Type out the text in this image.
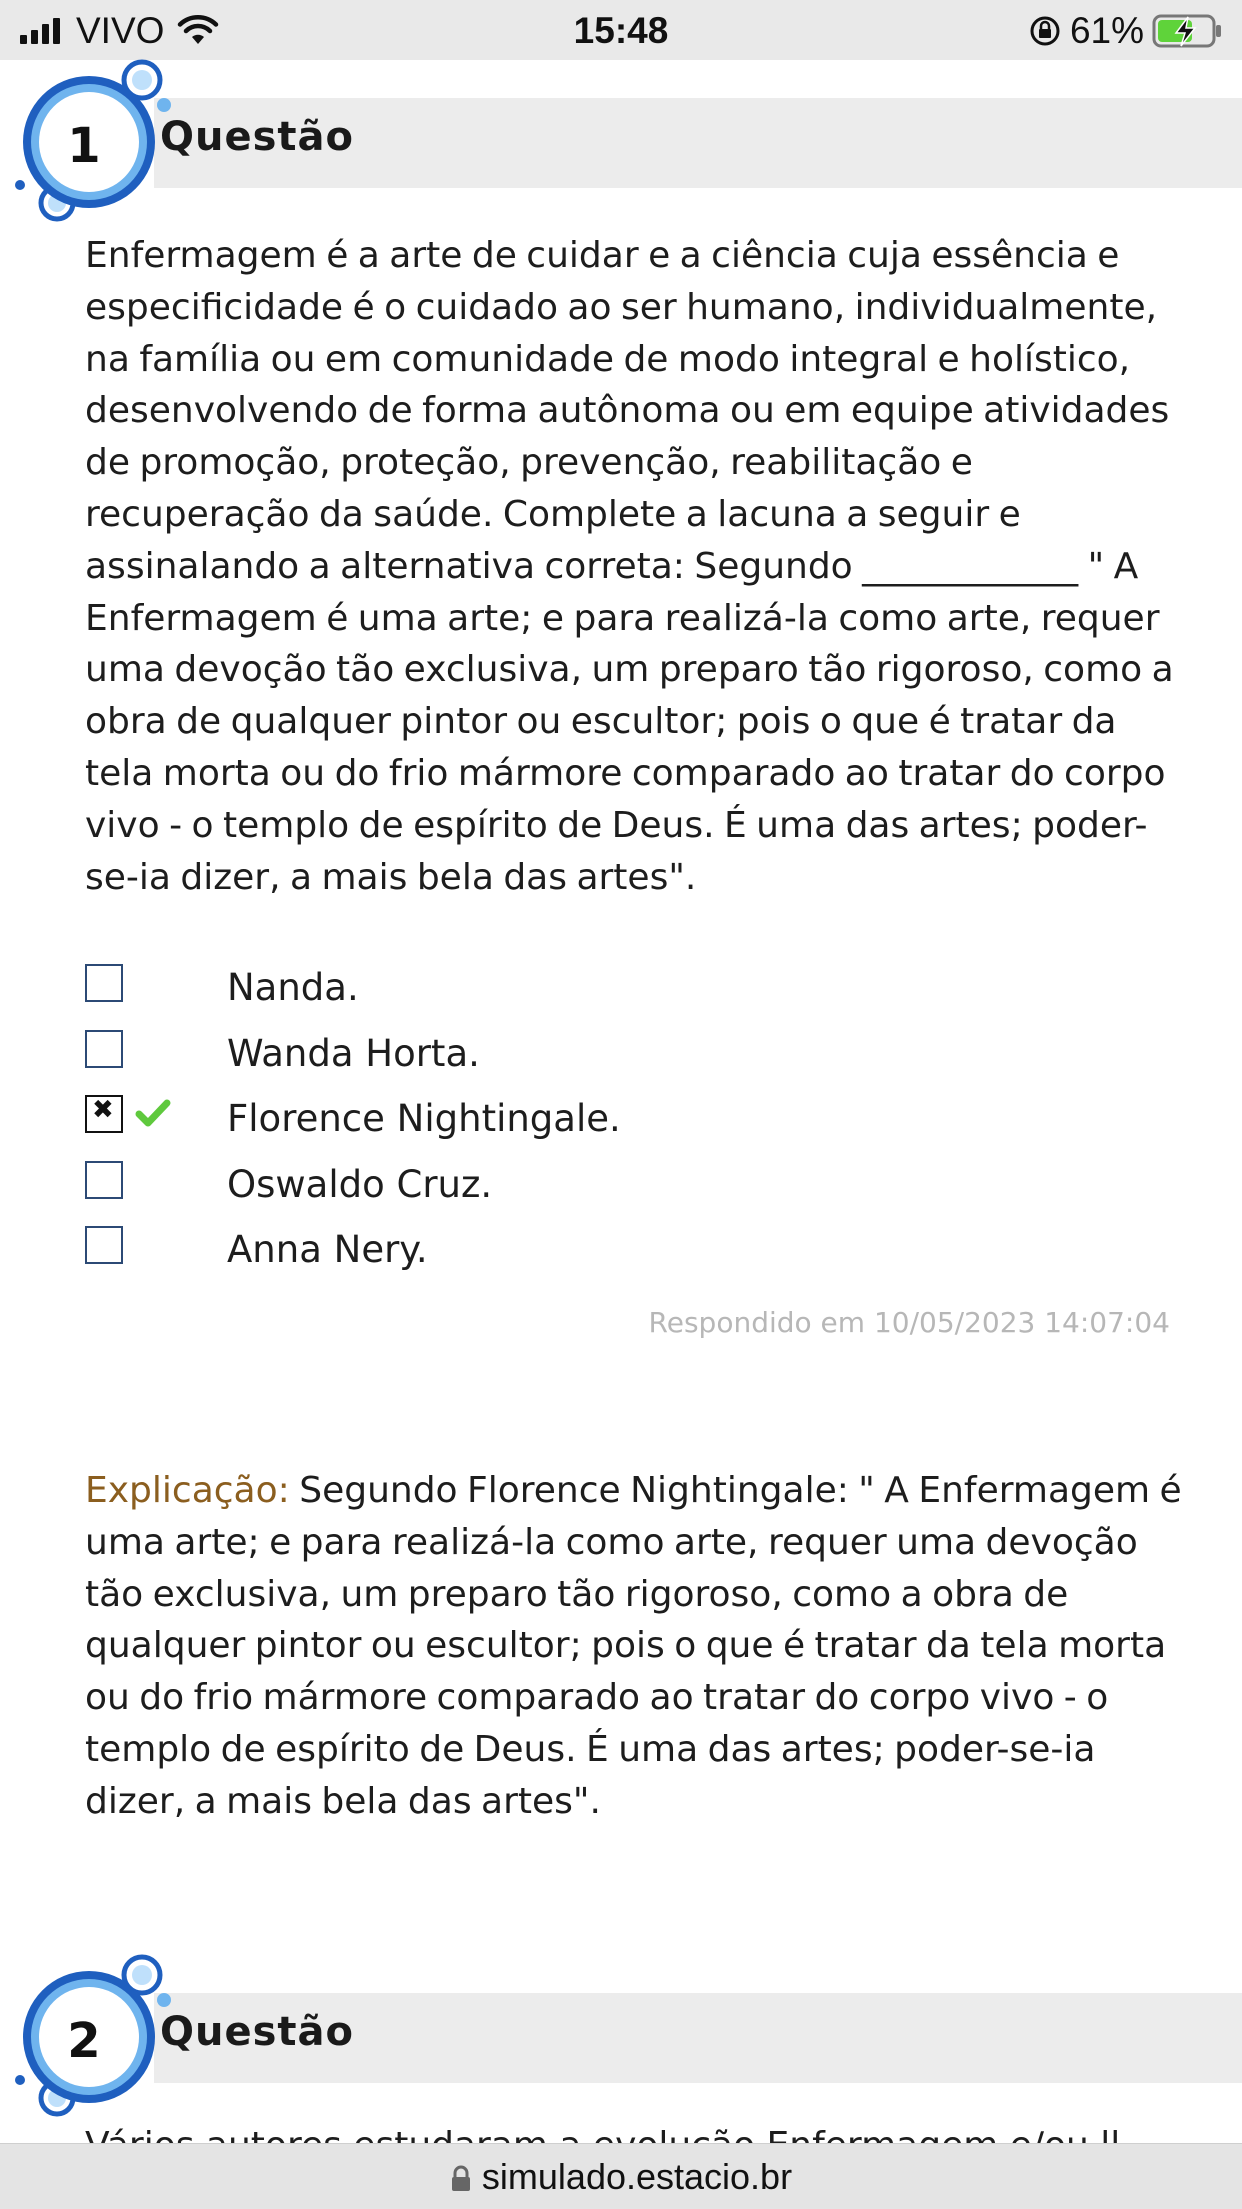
VIVO	15:48	61%
1	Questão
Enfermagem é a arte de cuidar e a ciência cuja essência e especificidade é o cuidado ao ser humano, individualmente, na família ou em comunidade de modo integral e holístico, desenvolvendo de forma autônoma ou em equipe atividades de promoção, proteção, prevenção, reabilitação e recuperação da saúde. Complete a lacuna a seguir e assinalando a alternativa correta: Segundo ____________ " A Enfermagem é uma arte; e para realizá-la como arte, requer uma devoção tão exclusiva, um preparo tão rigoroso, como a obra de qualquer pintor ou escultor; pois o que é tratar da tela morta ou do frio mármore comparado ao tratar do corpo vivo - o templo de espírito de Deus. É uma das artes; poder-se-ia dizer, a mais bela das artes".
Nanda.
Wanda Horta.
✖
Florence Nightingale.
Oswaldo Cruz.
Anna Nery.
Respondido em 10/05/2023 14:07:04
Explicação: Segundo Florence Nightingale: " A Enfermagem é uma arte; e para realizá-la como arte, requer uma devoção tão exclusiva, um preparo tão rigoroso, como a obra de qualquer pintor ou escultor; pois o que é tratar da tela morta ou do frio mármore comparado ao tratar do corpo vivo - o templo de espírito de Deus. É uma das artes; poder-se-ia dizer, a mais bela das artes".
2	Questão
simulado.estacio.br
